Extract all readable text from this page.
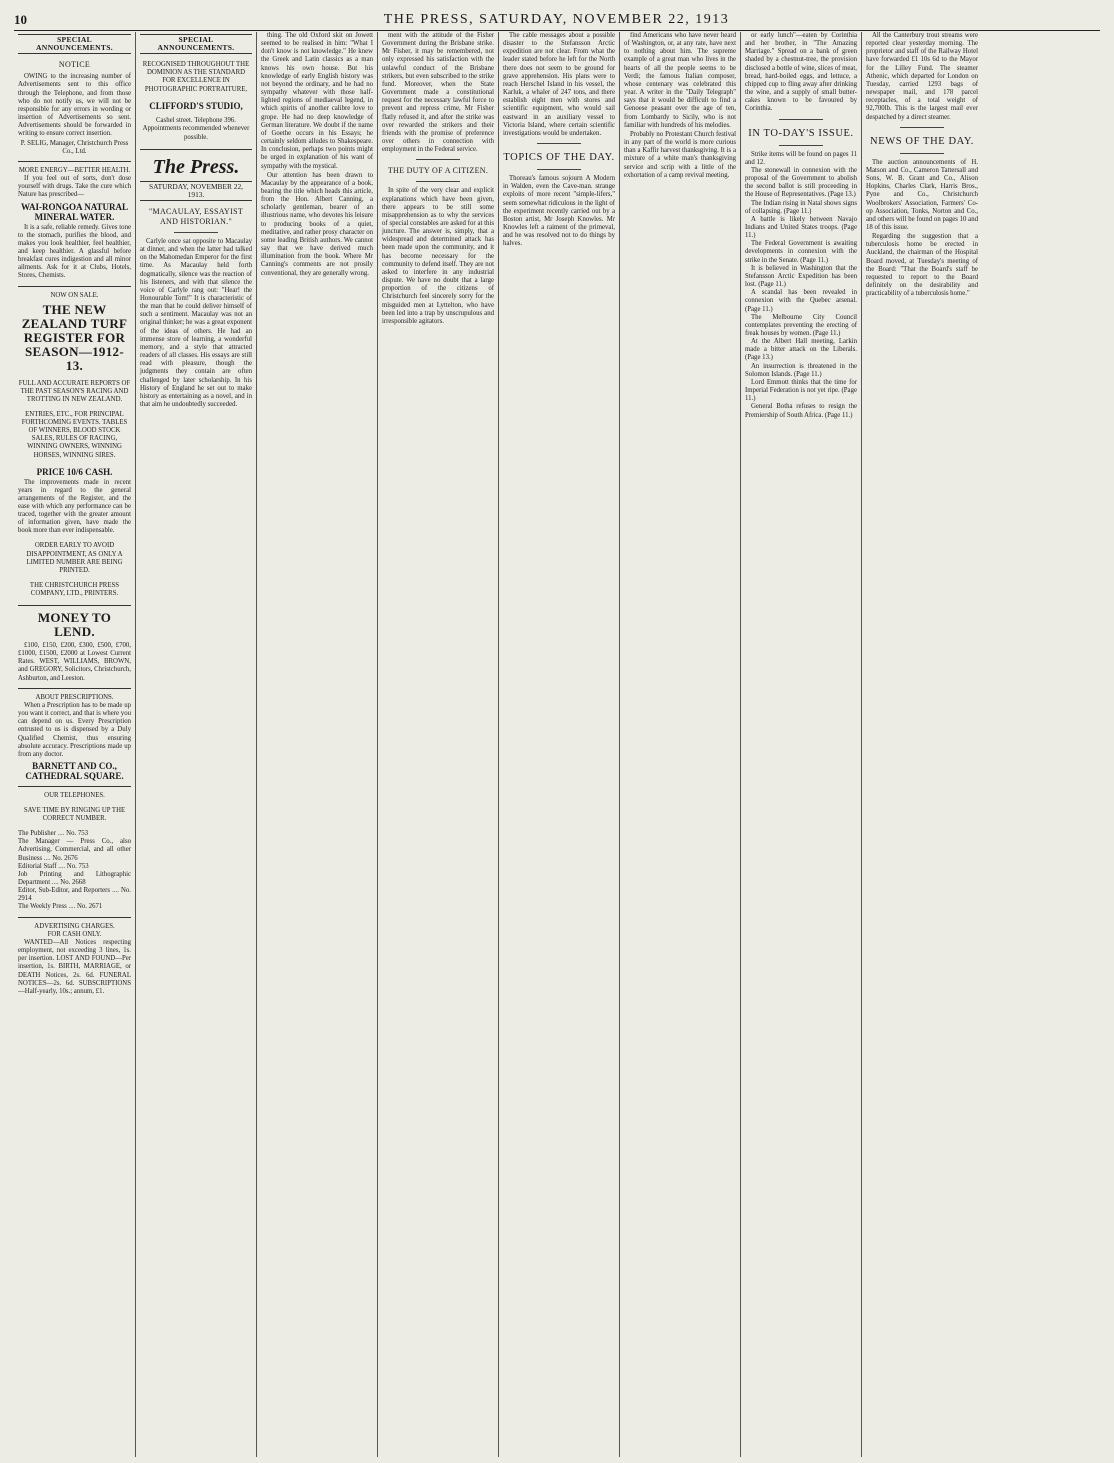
10	THE PRESS, SATURDAY, NOVEMBER 22, 1913
SPECIAL ANNOUNCEMENTS.
NOTICE

OWING to the increasing number of Advertisements sent to this office through the Telephone, and from those who do not notify us, we will not be responsible for any errors in wording or insertion of Advertisements so sent. Advertisements should be forwarded in writing to ensure correct insertion.

P. SELIG, Manager, Christchurch Press Co., Ltd.
MORE ENERGY—BETTER HEALTH.

If you feel out of sorts, don't dose yourself with drugs. Take the cure which Nature has prescribed—

WAI-RONGOA NATURAL MINERAL WATER.

It is a safe, reliable remedy. Gives tone to the stomach, purifies the blood, and makes you look healthier, feel healthier, and keep healthier. A glassful before breakfast cures indigestion and all minor ailments. Ask for it at Clubs, Hotels, Stores, Chemists.

NOW ON SALE.
THE NEW ZEALAND TURF REGISTER FOR SEASON—1912-13.

FULL AND ACCURATE REPORTS OF THE PAST SEASON'S RACING AND TROTTING IN NEW ZEALAND.

ENTRIES, ETC., FOR PRINCIPAL FORTHCOMING EVENTS. TABLES OF WINNERS, BLOOD STOCK SALES, RULES OF RACING, WINNING OWNERS, WINNING HORSES, WINNING SIRES.

PRICE 10/6 CASH.

The improvements made in recent years in regard to the general arrangements of the Register, and the ease with which any performance can be traced, together with the greater amount of information given, have made the book more than ever indispensable.

ORDER EARLY TO AVOID DISAPPOINTMENT, AS ONLY A LIMITED NUMBER ARE BEING PRINTED.

THE CHRISTCHURCH PRESS COMPANY, LTD., PRINTERS.

MONEY TO LEND.

£100, £150, £200, £300, £500, £700, £1000, £1500, £2000 at Lowest Current Rates. WEST, WILLIAMS, BROWN, and GREGORY, Solicitors, Christchurch, Ashburton, and Leeston.

ABOUT PRESCRIPTIONS.

When a Prescription has to be made up you want it correct, and that is where you can depend on us. Every Prescription entrusted to us is dispensed by a Duly Qualified Chemist, thus ensuring absolute accuracy. Prescriptions made up from any doctor.

BARNETT AND CO., CATHEDRAL SQUARE.
OUR TELEPHONES.

SAVE TIME BY RINGING UP THE CORRECT NUMBER.

The Publisher .... No. 753

The Manager — Press Co., also Advertising, Commercial, and all other Business .... No. 2676

Editorial Staff .... No. 753

Job Printing and Lithographic Department .... No. 2668

Editor, Sub-Editor, and Reporters .... No. 2914

The Weekly Press .... No. 2671

ADVERTISING CHARGES.
FOR CASH ONLY.

WANTED—All Notices respecting employment, not exceeding 3 lines, 1s. per insertion. LOST AND FOUND—Per insertion, 1s. BIRTH, MARRIAGE, or DEATH Notices, 2s. 6d. FUNERAL NOTICES—2s. 6d. SUBSCRIPTIONS—Half-yearly, 10s.; annum, £1.

SPECIAL ANNOUNCEMENTS.

RECOGNISED THROUGHOUT THE DOMINION AS THE STANDARD FOR EXCELLENCE IN PHOTOGRAPHIC PORTRAITURE,

CLIFFORD'S STUDIO,

Cashel street. Telephone 396. Appointments recommended whenever possible.

The Press.
SATURDAY, NOVEMBER 22, 1913.
"MACAULAY, ESSAYIST AND HISTORIAN."

Carlyle once sat opposite to Macaulay at dinner, and when the latter had talked on the Mahomedan Emperor for the first time. As Macaulay held forth dogmatically, silence was the reaction of his listeners, and with that silence the voice of Carlyle rang out: "Hear! the Honourable Tom!" It is characteristic of the man that he could deliver himself of such a sentiment. Macaulay was not an original thinker; he was a great exponent of the ideas of others. He had an immense store of learning, a wonderful memory, and a style that attracted readers of all classes. His essays are still read with pleasure, though the judgments they contain are often challenged by later scholarship. In his History of England he set out to make history as entertaining as a novel, and in that aim he undoubtedly succeeded.

thing. The old Oxford skit on Jowett seemed to be realised in him: "What I don't know is not knowledge." He knew the Greek and Latin classics as a man knows his own house. But his knowledge of early English history was not beyond the ordinary, and he had no sympathy whatever with those half-lighted regions of mediaeval legend, in which spirits of another calibre love to grope. He had no deep knowledge of German literature. We doubt if the name of Goethe occurs in his Essays; he certainly seldom alludes to Shakespeare. In conclusion, perhaps two points might be urged in explanation of his want of sympathy with the mystical.

Our attention has been drawn to Macaulay by the appearance of a book, bearing the title which heads this article, from the Hon. Albert Canning, a scholarly gentleman, bearer of an illustrious name, who devotes his leisure to producing books of a quiet, meditative, and rather prosy character on some leading British authors. We cannot say that we have derived much illumination from the book. Where Mr Canning's comments are not prosily conventional, they are generally wrong.

ment with the attitude of the Fisher Government during the Brisbane strike. Mr Fisher, it may be remembered, not only expressed his satisfaction with the unlawful conduct of the Brisbane strikers, but even subscribed to the strike fund. Moreover, when the State Government made a constitutional request for the necessary lawful force to prevent and repress crime, Mr Fisher flatly refused it, and after the strike was over rewarded the strikers and their friends with the promise of preference over others in connection with employment in the Federal service.

THE DUTY OF A CITIZEN.

In spite of the very clear and explicit explanations which have been given, there appears to be still some misapprehension as to why the services of special constables are asked for at this juncture. The answer is, simply, that a widespread and determined attack has been made upon the community, and it has become necessary for the community to defend itself. They are not asked to interfere in any industrial dispute. We have no doubt that a large proportion of the citizens of Christchurch feel sincerely sorry for the misguided men at Lyttelton, who have been led into a trap by unscrupulous and irresponsible agitators.

The cable messages about a possible disaster to the Stefansson Arctic expedition are not clear. From what the leader stated before he left for the North there does not seem to be ground for grave apprehension. His plans were to reach Herschel Island in his vessel, the Karluk, a whaler of 247 tons, and there establish eight men with stores and scientific equipment, who would sail eastward in an auxiliary vessel to Victoria Island, where certain scientific investigations would be undertaken.

TOPICS OF THE DAY.

Thoreau's famous sojourn A Modern in Walden, even the Cave-man. strange exploits of more recent "simple-lifers," seem somewhat ridiculous in the light of the experiment recently carried out by a Boston artist, Mr Joseph Knowles. Mr Knowles left a raiment of the primeval, and he was resolved not to do things by halves.

find Americans who have never heard of Washington, or, at any rate, have next to nothing about him. The supreme example of a great man who lives in the hearts of all the people seems to be Verdi; the famous Italian composer, whose centenary was celebrated this year. A writer in the "Daily Telegraph" says that it would be difficult to find a Genoese peasant over the age of ten, from Lombardy to Sicily, who is not familiar with hundreds of his melodies.

Probably no Protestant Church festival in any part of the world is more curious than a Kaffir harvest thanksgiving. It is a mixture of a white man's thanksgiving service and scrip with a little of the exhortation of a camp revival meeting.

or early lunch"—eaten by Corinthia and her brother, in "The Amazing Marriage." Spread on a bank of green shaded by a chestnut-tree, the provision disclosed a bottle of wine, slices of meat, bread, hard-boiled eggs, and lettuce, a chipped cup to fling away after drinking the wine, and a supply of small butter-cakes known to be favoured by Corinthia.

IN TO-DAY'S ISSUE.

Strike items will be found on pages 11 and 12.

The stonewall in connexion with the proposal of the Government to abolish the second ballot is still proceeding in the House of Representatives. (Page 13.)

The Indian rising in Natal shows signs of collapsing. (Page 11.)

A battle is likely between Navajo Indians and United States troops. (Page 11.)

The Federal Government is awaiting developments in connexion with the strike in the Senate. (Page 11.)

It is believed in Washington that the Stefansson Arctic Expedition has been lost. (Page 11.)

A scandal has been revealed in connexion with the Quebec arsenal. (Page 11.)

The Melbourne City Council contemplates preventing the erecting of freak houses by women. (Page 11.)

At the Albert Hall meeting, Larkin made a bitter attack on the Liberals. (Page 13.)

An insurrection is threatened in the Solomon Islands. (Page 11.)

Lord Emmott thinks that the time for Imperial Federation is not yet ripe. (Page 11.)

General Botha refuses to resign the Premiership of South Africa. (Page 11.)

All the Canterbury trout streams were reported clear yesterday morning. The proprietor and staff of the Railway Hotel have forwarded £1 10s 6d to the Mayor for the Lilley Fund. The steamer Athenic, which departed for London on Tuesday, carried 1293 bags of newspaper mail, and 178 parcel receptacles, of a total weight of 92,700lb. This is the largest mail ever despatched by a direct steamer.

NEWS OF THE DAY.

The auction announcements of H. Matson and Co., Cameron Tattersall and Sons, W. B. Grant and Co., Alison Hopkins, Charles Clark, Harris Bros., Pyne and Co., Christchurch Woolbrokers' Association, Farmers' Co-op Association, Tonks, Norton and Co., and others will be found on pages 10 and 18 of this issue.

Regarding the suggestion that a tuberculosis home be erected in Auckland, the chairman of the Hospital Board moved, at Tuesday's meeting of the Board: "That the Board's staff be requested to report to the Board definitely on the desirability and practicability of a tuberculosis home."
